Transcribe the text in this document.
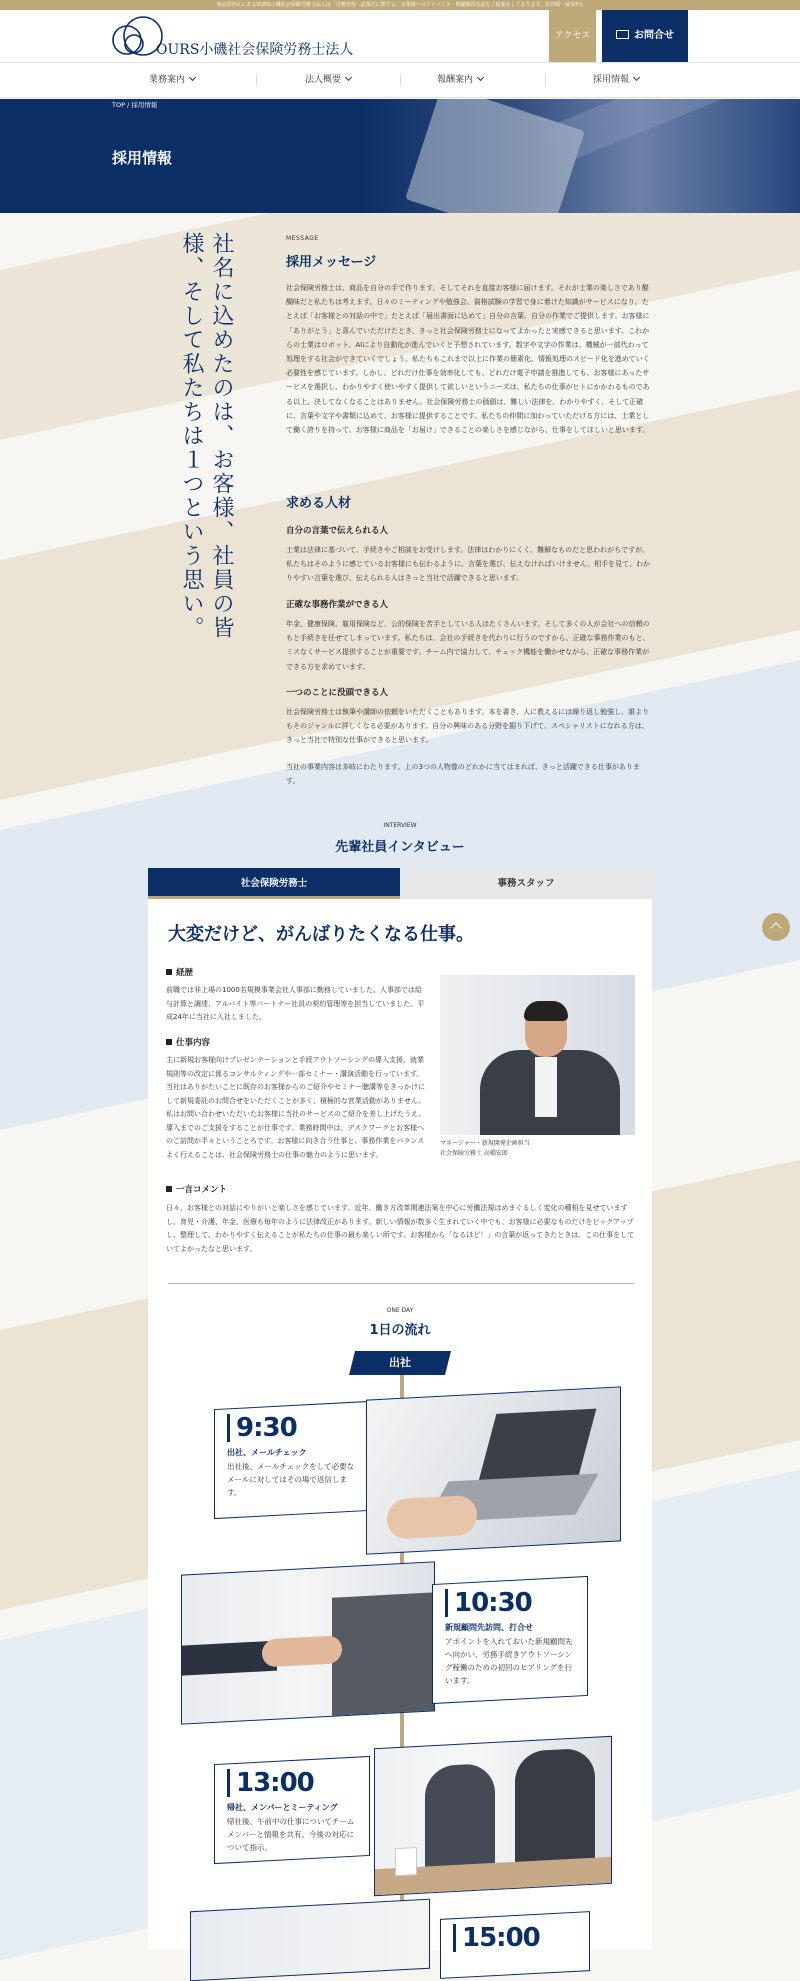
東京渋谷区にあるOURS小磯社会保険労務士法人は「労務管理・法規正に関する」企業様へのアドバイス・問題解決方法をご提案をしております。渋谷駅一徒歩5分
OURS小磯社会保険労務士法人
アクセス	お問合せ
業務案内	法人概要	報酬案内	採用情報
TOP / 採用情報
採用情報
社名に込めたのは、お客様、社員の皆様、そして私たちは１つという思い。	MESSAGE
採用メッセージ
社会保険労務士は、商品を自分の手で作ります。そしてそれを直接お客様に届けます。それが士業の楽しさであり醍醐味だと私たちは考えます。日々のミーティングや勉強会、資格試験の学習で身に着けた知識がサービスになり、たとえば「お客様との対話の中で」たとえば「届出書面に込めて」自分の言葉、自分の作業でご提供します。お客様に「ありがとう」と喜んでいただけたとき、きっと社会保険労務士になってよかったと実感できると思います。これからの士業はロボット、AIにより自動化が進んでいくと予想されています。数字や文字の作業は、機械が一部代わって処理をする社会ができていくでしょう。私たちもこれまで以上に作業の簡素化、情報処理のスピード化を進めていく必要性を感じています。しかし、どれだけ仕事を効率化しても、どれだけ電子申請を推進しても、お客様にあったサービスを選択し、わかりやすく使いやすく提供して欲しいというニーズは、私たちの仕事がヒトにかかわるものである以上、決してなくなることはありません。社会保険労務士の価値は、難しい法律を、わかりやすく、そして正確に、言葉や文字や書類に込めて、お客様に提供することです。私たちの仲間に加わっていただける方には、士業として働く誇りを持って、お客様に商品を「お届け」できることの楽しさを感じながら、仕事をしてほしいと思います。
求める人材
自分の言葉で伝えられる人
士業は法律に基づいて、手続きやご相談をお受けします。法律はわかりにくく、難解なものだと思われがちですが、私たちはそのように感じているお客様にも伝わるように、言葉を選び、伝えなければいけません。相手を見て、わかりやすい言葉を選び、伝えられる人はきっと当社で活躍できると思います。
正確な事務作業ができる人
年金、健康保険、雇用保険など、公的保険を苦手としている人はたくさんいます。そして多くの人が会社への信頼のもと手続きを任せてしまっています。私たちは、会社の手続きを代わりに行うのですから、正確な事務作業のもと、ミスなくサービス提供することが重要です。チーム内で協力して、チェック機能を働かせながら、正確な事務作業ができる方を求めています。
一つのことに没頭できる人
社会保険労務士は執筆や講師の依頼をいただくこともあります。本を書き、人に教えるには繰り返し勉強し、誰よりもそのジャンルに詳しくなる必要があります。自分の興味のある分野を掘り下げて、スペシャリストになれる方は、きっと当社で特別な仕事ができると思います。
当社の事業内容は多岐にわたります。上の3つの人物像のどれかに当てはまれば、きっと活躍できる仕事があります。
INTERVIEW
先輩社員インタビュー
社会保険労務士	事務スタッフ
大変だけど、がんばりたくなる仕事。
経歴
前職では非上場の1000名規模事業会社人事部に勤務していました。人事部では給与計算と調達、アルバイト等パートナー社員の契約管理等を担当していました。平成24年に当社に入社しました。
仕事内容
主に新規お客様向けプレゼンテーションと手続アウトソーシングの導入支援、就業規則等の改定に係るコンサルティングや一部セミナー・講演活動を行っています。当社はありがたいことに既存のお客様からのご紹介やセミナー聴講等をきっかけにして新規委託のお問合せをいただくことが多く、積極的な営業活動がありません。私はお問い合わせいただいたお客様に当社のサービスのご紹介を差し上げたうえ、導入までのご支援をすることが仕事です。業務時間中は、デスクワークとお客様へのご訪問が半々ということろです。お客様に向き合う仕事と、事務作業をバランスよく行えることは、社会保険労務士の仕事の魅力のように思います。
マネージャー・新規開発企画担当
社会保険労務士 高橋宏郎
一言コメント
日々、お客様との対話にやりがいと楽しさを感じています。近年、働き方改革関連法案を中心に労働法規はめまぐるしく変化の種相を見せていますし、育児・介護、年金、医療も毎年のように法律改正があります。新しい情報が数多く生まれていく中でも、お客様に必要なものだけをピックアップし、整理して、わかりやすく伝えることが私たちの仕事の最も楽しい所です。お客様から「なるほど！」の言葉が返ってきたときは、この仕事をしていてよかったなと思います。
ONE DAY
1日の流れ
出社
9:30
出社、メールチェック
出社後、メールチェックをして必要なメールに対してはその場で返信します。
10:30
新規顧問先訪問、打合せ
アポイントを入れておいた新規顧問先へ向かい、労務手続きアウトソーシング稼働のための初回のヒアリングを行います。
13:00
帰社、メンバーとミーティング
帰社後、午前中の仕事についてチームメンバーと情報を共有。今後の対応について指示。
15:00
